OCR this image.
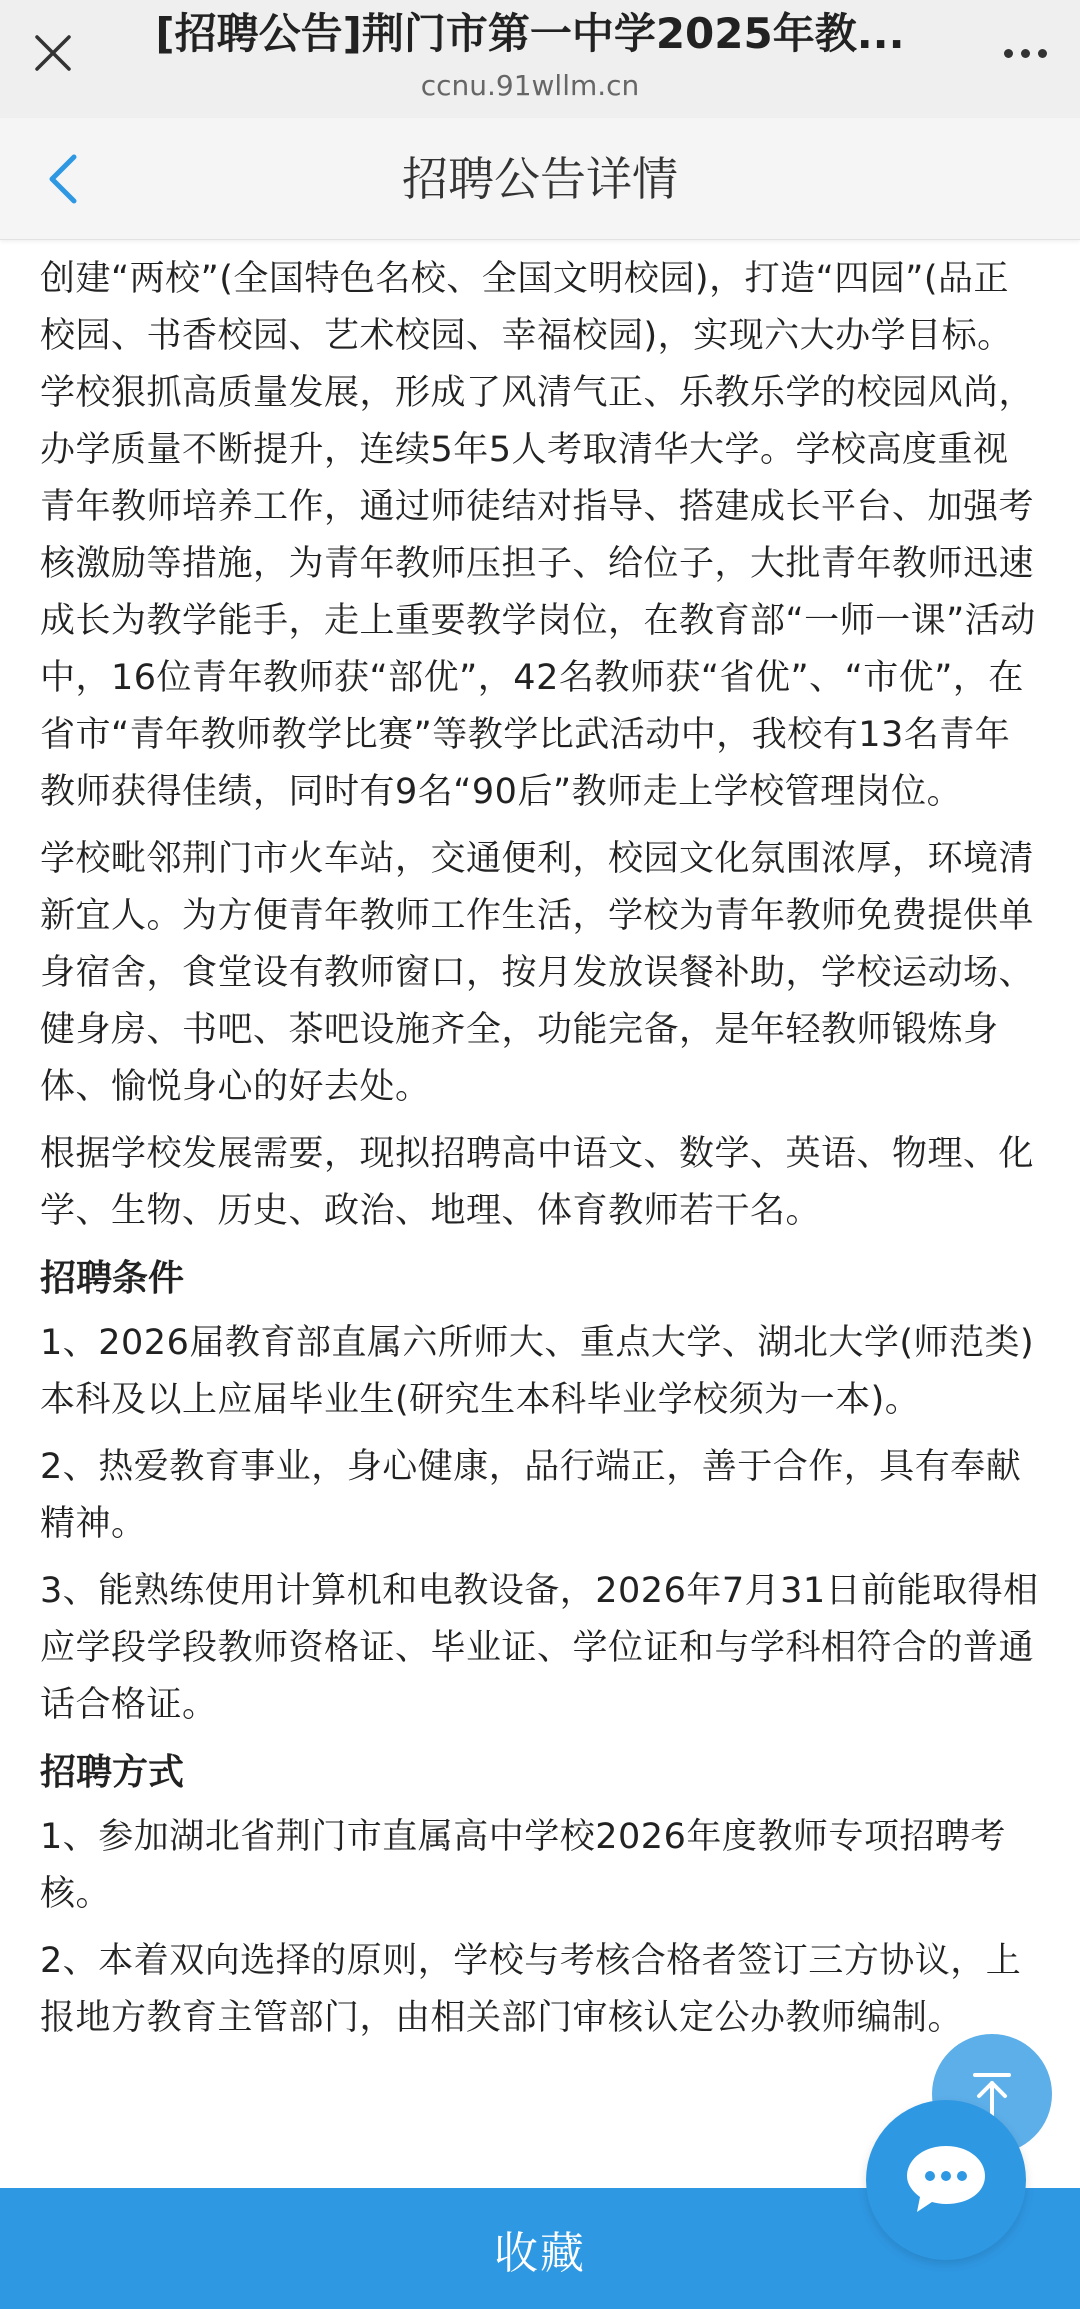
[招聘公告]荆门市第一中学2025年教...
ccnu.91wllm.cn
招聘公告详情

创建“两校”(全国特色名校、全国文明校园)，打造“四园”(品正校园、书香校园、艺术校园、幸福校园)，实现六大办学目标。学校狠抓高质量发展，形成了风清气正、乐教乐学的校园风尚，办学质量不断提升，连续5年5人考取清华大学。学校高度重视青年教师培养工作，通过师徒结对指导、搭建成长平台、加强考核激励等措施，为青年教师压担子、给位子，大批青年教师迅速成长为教学能手，走上重要教学岗位，在教育部“一师一课”活动中，16位青年教师获“部优”，42名教师获“省优”、“市优”，在省市“青年教师教学比赛”等教学比武活动中，我校有13名青年教师获得佳绩，同时有9名“90后”教师走上学校管理岗位。

学校毗邻荆门市火车站，交通便利，校园文化氛围浓厚，环境清新宜人。为方便青年教师工作生活，学校为青年教师免费提供单身宿舍，食堂设有教师窗口，按月发放误餐补助，学校运动场、健身房、书吧、茶吧设施齐全，功能完备，是年轻教师锻炼身体、愉悦身心的好去处。

根据学校发展需要，现拟招聘高中语文、数学、英语、物理、化学、生物、历史、政治、地理、体育教师若干名。

招聘条件

1、2026届教育部直属六所师大、重点大学、湖北大学(师范类)本科及以上应届毕业生(研究生本科毕业学校须为一本)。

2、热爱教育事业，身心健康，品行端正，善于合作，具有奉献精神。

3、能熟练使用计算机和电教设备，2026年7月31日前能取得相应学段学段教师资格证、毕业证、学位证和与学科相符合的普通话合格证。

招聘方式

1、参加湖北省荆门市直属高中学校2026年度教师专项招聘考核。

2、本着双向选择的原则，学校与考核合格者签订三方协议，上报地方教育主管部门，由相关部门审核认定公办教师编制。

收藏
